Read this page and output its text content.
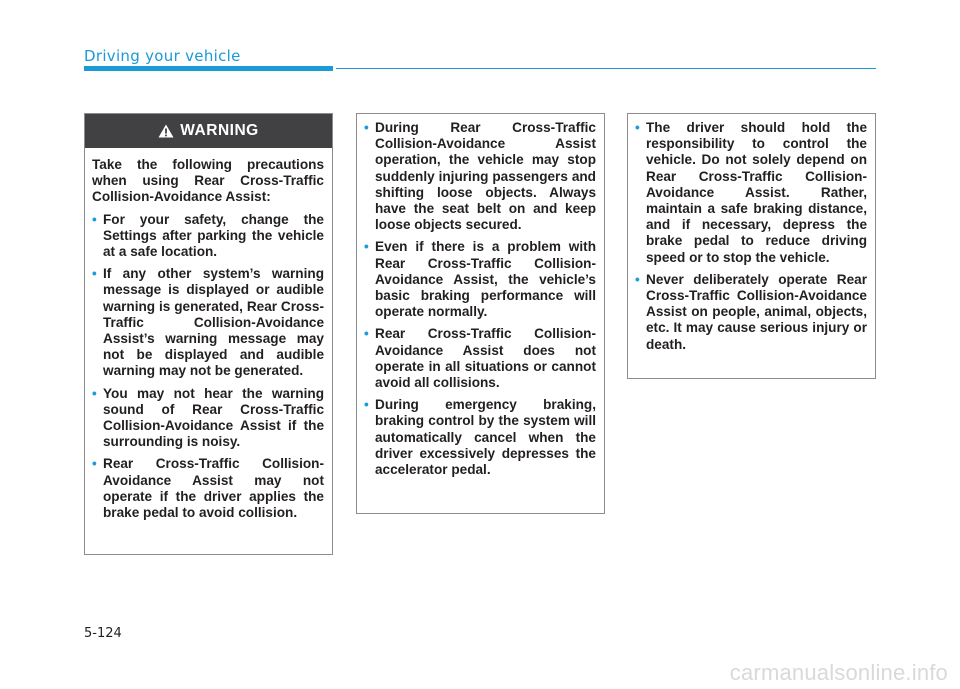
Driving your vehicle
WARNING

Take the following precautions when using Rear Cross-Traffic Collision-Avoidance Assist:

• For your safety, change the Settings after parking the vehicle at a safe location.
• If any other system’s warning message is displayed or audible warning is generated, Rear Cross-Traffic Collision-Avoidance Assist’s warning message may not be displayed and audible warning may not be generated.
• You may not hear the warning sound of Rear Cross-Traffic Collision-Avoidance Assist if the surrounding is noisy.
• Rear Cross-Traffic Collision-Avoidance Assist may not operate if the driver applies the brake pedal to avoid collision.
• During Rear Cross-Traffic Collision-Avoidance Assist operation, the vehicle may stop suddenly injuring passengers and shifting loose objects. Always have the seat belt on and keep loose objects secured.
• Even if there is a problem with Rear Cross-Traffic Collision-Avoidance Assist, the vehicle’s basic braking performance will operate normally.
• Rear Cross-Traffic Collision-Avoidance Assist does not operate in all situations or cannot avoid all collisions.
• During emergency braking, braking control by the system will automatically cancel when the driver excessively depresses the accelerator pedal.
• The driver should hold the responsibility to control the vehicle. Do not solely depend on Rear Cross-Traffic Collision-Avoidance Assist. Rather, maintain a safe braking distance, and if necessary, depress the brake pedal to reduce driving speed or to stop the vehicle.
• Never deliberately operate Rear Cross-Traffic Collision-Avoidance Assist on people, animal, objects, etc. It may cause serious injury or death.
5-124
carmanualsonline.info
